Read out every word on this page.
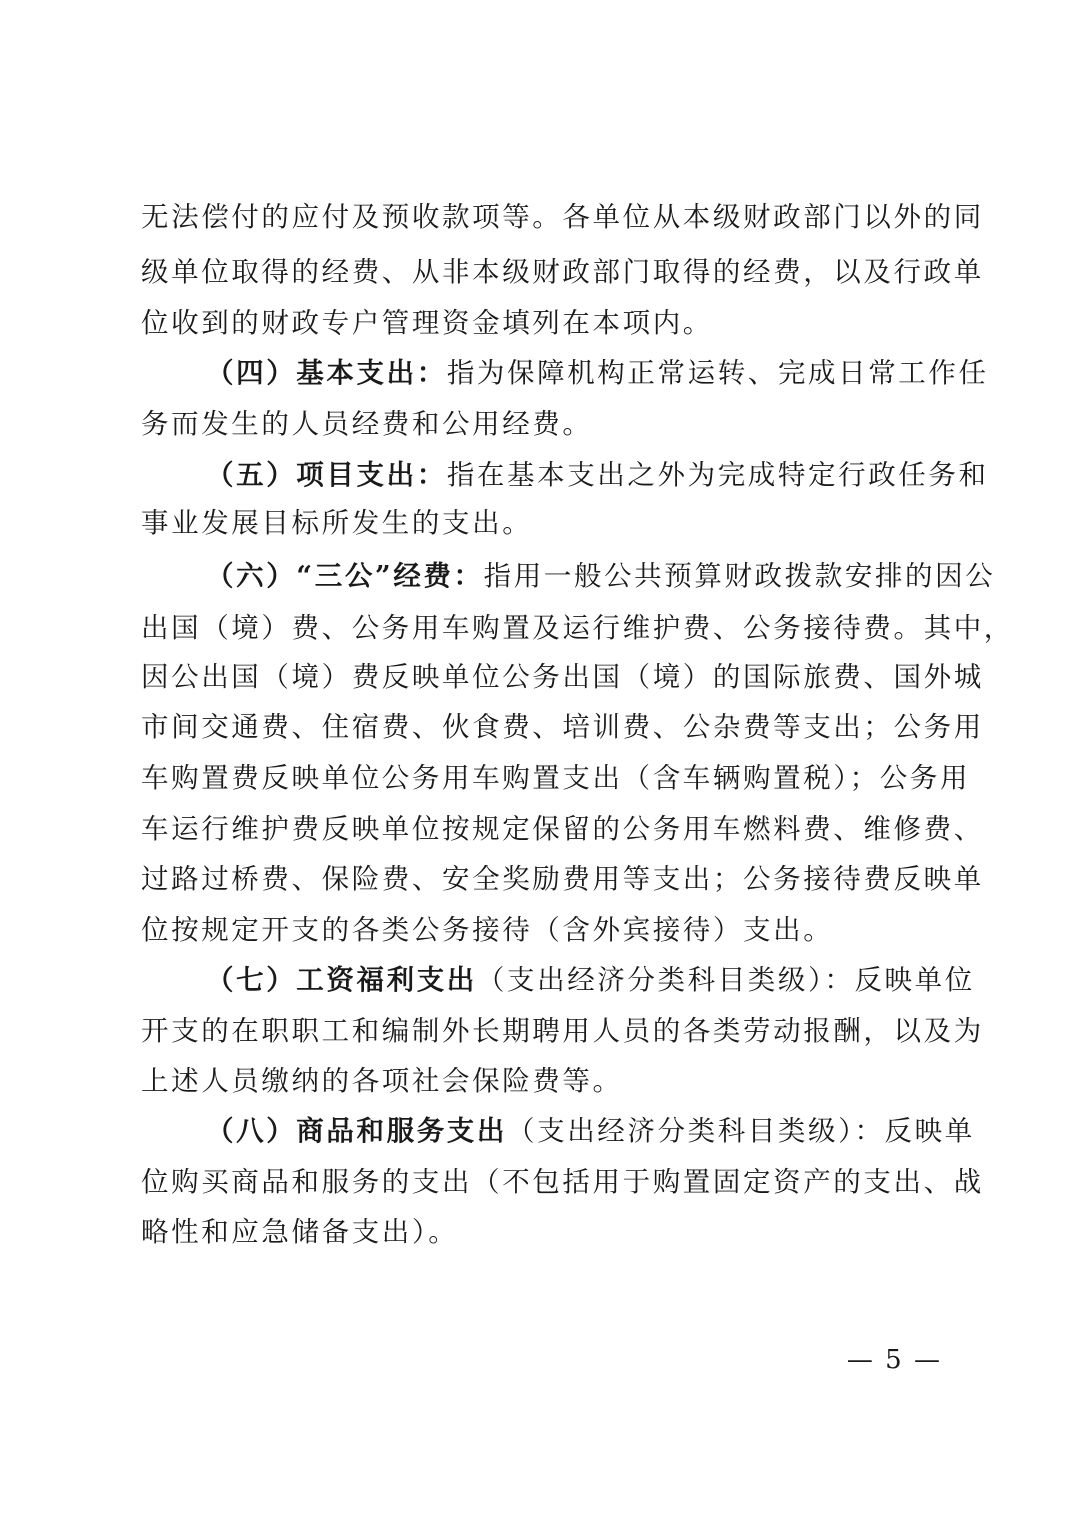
无法偿付的应付及预收款项等。各单位从本级财政部门以外的同
级单位取得的经费、从非本级财政部门取得的经费，以及行政单
位收到的财政专户管理资金填列在本项内。
（四）基本支出：指为保障机构正常运转、完成日常工作任
务而发生的人员经费和公用经费。
（五）项目支出：指在基本支出之外为完成特定行政任务和
事业发展目标所发生的支出。
（六）“三公”经费：指用一般公共预算财政拨款安排的因公
出国（境）费、公务用车购置及运行维护费、公务接待费。其中，
因公出国（境）费反映单位公务出国（境）的国际旅费、国外城
市间交通费、住宿费、伙食费、培训费、公杂费等支出；公务用
车购置费反映单位公务用车购置支出（含车辆购置税）；公务用
车运行维护费反映单位按规定保留的公务用车燃料费、维修费、
过路过桥费、保险费、安全奖励费用等支出；公务接待费反映单
位按规定开支的各类公务接待（含外宾接待）支出。
（七）工资福利支出（支出经济分类科目类级）：反映单位
开支的在职职工和编制外长期聘用人员的各类劳动报酬，以及为
上述人员缴纳的各项社会保险费等。
（八）商品和服务支出（支出经济分类科目类级）：反映单
位购买商品和服务的支出（不包括用于购置固定资产的支出、战
略性和应急储备支出）。
— 5 —
